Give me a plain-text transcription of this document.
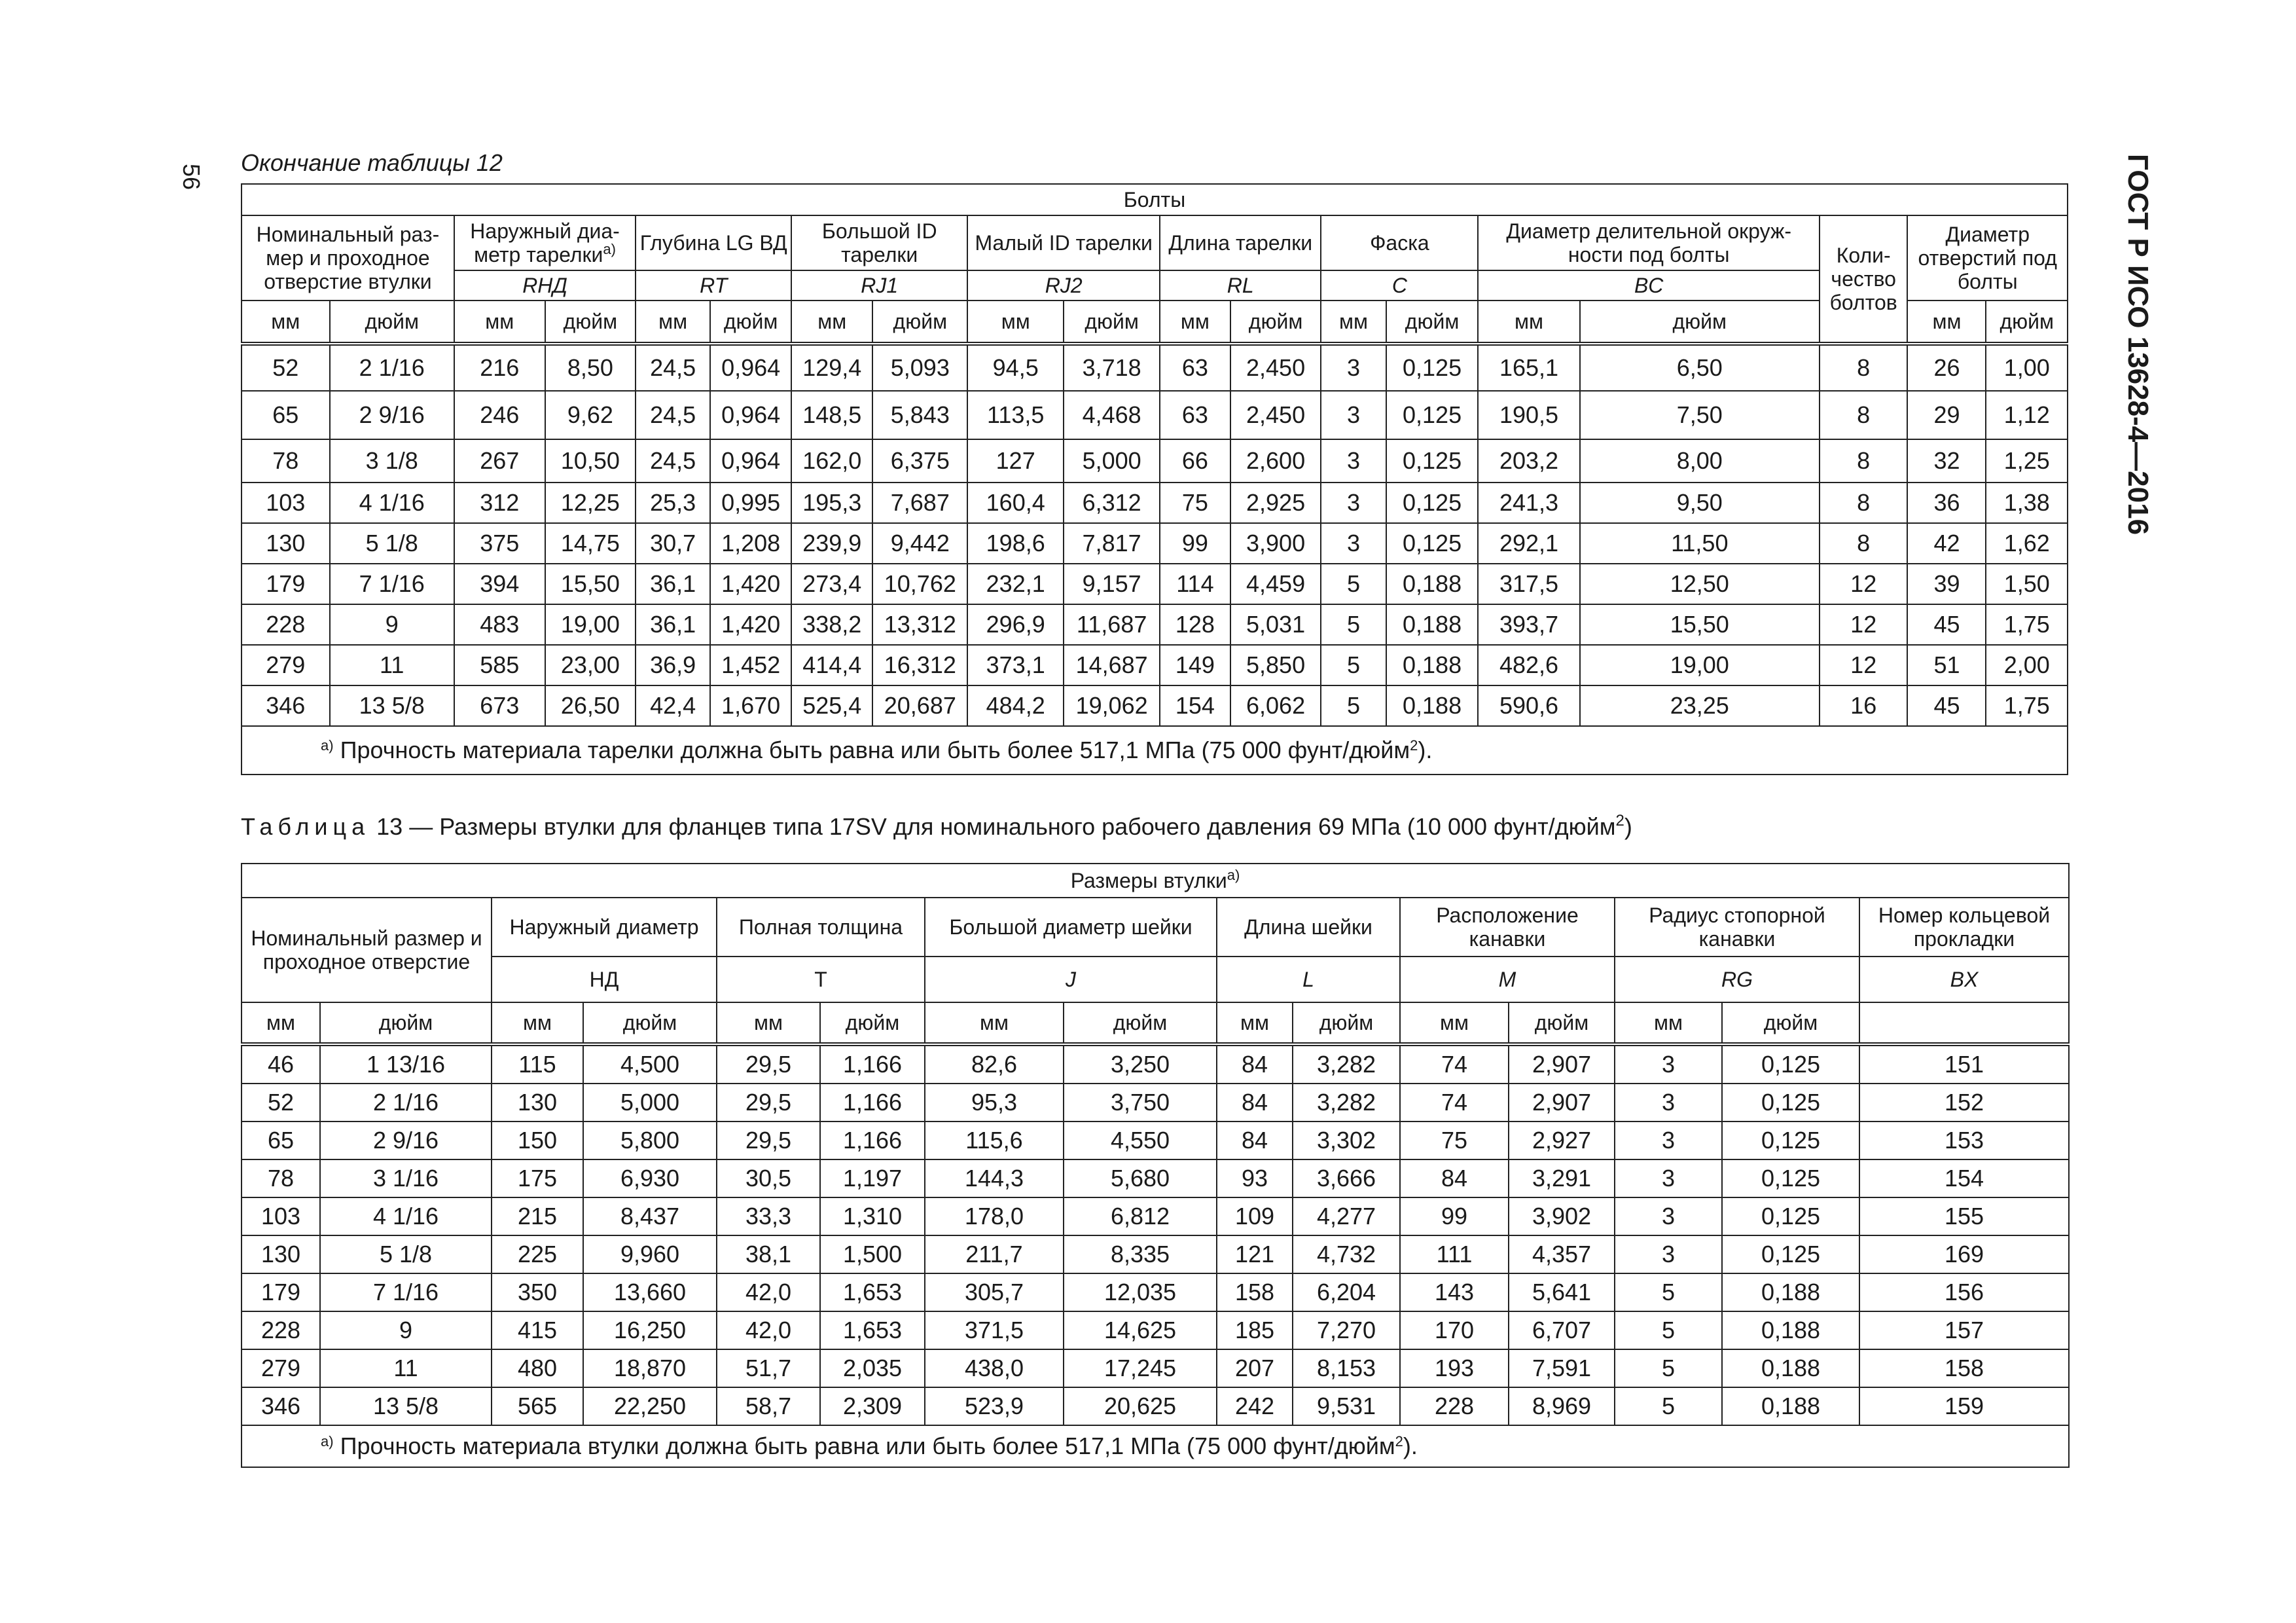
56	ГОСТ Р ИСО 13628-4—2016
Окончание таблицы 12
Болты																		
Номинальный раз-мер и проходное отверстие втулки		Наружный диа-метр тарелки$^{a)}$		Глубина LG ВД		Большой ID тарелки		Малый ID тарелки		Длина тарелки		Фаска		Диаметр делительной окруж-ности под болты		Коли-чество болтов	Диаметр отверстий под болты	
		RНД		RT		RJ1		RJ2		RL		C		BC				
мм	дюйм	мм	дюйм	мм	дюйм	мм	дюйм	мм	дюйм	мм	дюйм	мм	дюйм	мм	дюйм		мм	дюйм
52	2 1/16	216	8,50	24,5	0,964	129,4	5,093	94,5	3,718	63	2,450	3	0,125	165,1	6,50	8	26	1,00
65	2 9/16	246	9,62	24,5	0,964	148,5	5,843	113,5	4,468	63	2,450	3	0,125	190,5	7,50	8	29	1,12
78	3 1/8	267	10,50	24,5	0,964	162,0	6,375	127	5,000	66	2,600	3	0,125	203,2	8,00	8	32	1,25
103	4 1/16	312	12,25	25,3	0,995	195,3	7,687	160,4	6,312	75	2,925	3	0,125	241,3	9,50	8	36	1,38
130	5 1/8	375	14,75	30,7	1,208	239,9	9,442	198,6	7,817	99	3,900	3	0,125	292,1	11,50	8	42	1,62
179	7 1/16	394	15,50	36,1	1,420	273,4	10,762	232,1	9,157	114	4,459	5	0,188	317,5	12,50	12	39	1,50
228	9	483	19,00	36,1	1,420	338,2	13,312	296,9	11,687	128	5,031	5	0,188	393,7	15,50	12	45	1,75
279	11	585	23,00	36,9	1,452	414,4	16,312	373,1	14,687	149	5,850	5	0,188	482,6	19,00	12	51	2,00
346	13 5/8	673	26,50	42,4	1,670	525,4	20,687	484,2	19,062	154	6,062	5	0,188	590,6	23,25	16	45	1,75
$^{a)}$ Прочность материала тарелки должна быть равна или быть более 517,1 МПа (75 000 фунт/дюйм$^2$).																		
Таблица 13 — Размеры втулки для фланцев типа 17SV для номинального рабочего давления 69 МПа (10 000 фунт/дюйм$^2$)
Размеры втулки$^{a)}$
Номинальный размер и проходное отверстие		Наружный диаметр		Полная толщина		Большой диаметр шейки		Длина шейки		Расположение канавки		Радиус стопорной канавки		Номер кольцевой прокладки
		НД		T		J		L		M		RG		BX
мм	дюйм	мм	дюйм	мм	дюйм	мм	дюйм	мм	дюйм	мм	дюйм	мм	дюйм	
46	1 13/16	115	4,500	29,5	1,166	82,6	3,250	84	3,282	74	2,907	3	0,125	151
52	2 1/16	130	5,000	29,5	1,166	95,3	3,750	84	3,282	74	2,907	3	0,125	152
65	2 9/16	150	5,800	29,5	1,166	115,6	4,550	84	3,302	75	2,927	3	0,125	153
78	3 1/16	175	6,930	30,5	1,197	144,3	5,680	93	3,666	84	3,291	3	0,125	154
103	4 1/16	215	8,437	33,3	1,310	178,0	6,812	109	4,277	99	3,902	3	0,125	155
130	5 1/8	225	9,960	38,1	1,500	211,7	8,335	121	4,732	111	4,357	3	0,125	169
179	7 1/16	350	13,660	42,0	1,653	305,7	12,035	158	6,204	143	5,641	5	0,188	156
228	9	415	16,250	42,0	1,653	371,5	14,625	185	7,270	170	6,707	5	0,188	157
279	11	480	18,870	51,7	2,035	438,0	17,245	207	8,153	193	7,591	5	0,188	158
346	13 5/8	565	22,250	58,7	2,309	523,9	20,625	242	9,531	228	8,969	5	0,188	159
$^{a)}$ Прочность материала втулки должна быть равна или быть более 517,1 МПа (75 000 фунт/дюйм$^2$).														
